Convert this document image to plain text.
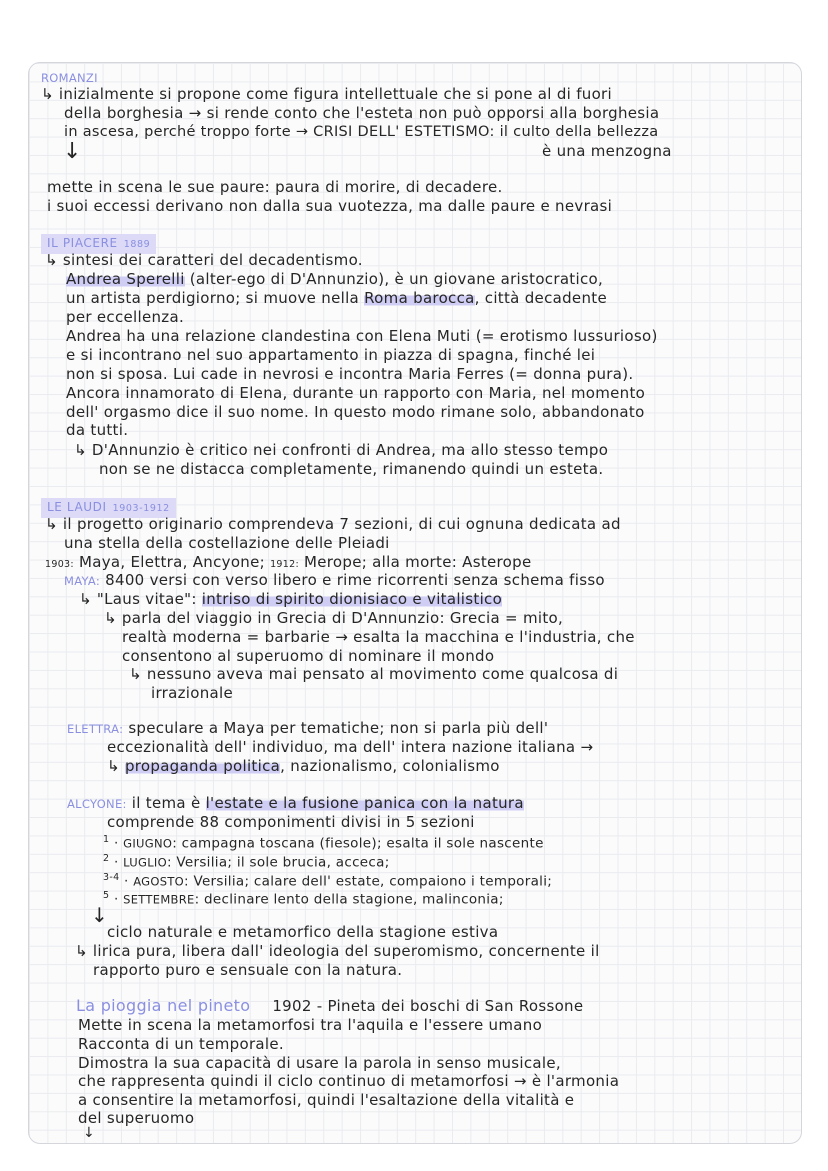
ROMANZI
↳ inizialmente si propone come figura intellettuale che si pone al di fuori
della borghesia → si rende conto che l'esteta non può opporsi alla borghesia
in ascesa, perché troppo forte → CRISI DELL' ESTETISMO: il culto della bellezza
è una menzogna
↓
mette in scena le sue paure: paura di morire, di decadere.
i suoi eccessi derivano non dalla sua vuotezza, ma dalle paure e nevrasi
IL PIACERE 1889
↳ sintesi dei caratteri del decadentismo.
Andrea Sperelli (alter-ego di D'Annunzio), è un giovane aristocratico,
un artista perdigiorno; si muove nella Roma barocca, città decadente
per eccellenza.
Andrea ha una relazione clandestina con Elena Muti (= erotismo lussurioso)
e si incontrano nel suo appartamento in piazza di spagna, finché lei
non si sposa. Lui cade in nevrosi e incontra Maria Ferres (= donna pura).
Ancora innamorato di Elena, durante un rapporto con Maria, nel momento
dell' orgasmo dice il suo nome. In questo modo rimane solo, abbandonato
da tutti.
↳ D'Annunzio è critico nei confronti di Andrea, ma allo stesso tempo
non se ne distacca completamente, rimanendo quindi un esteta.
LE LAUDI 1903-1912
↳ il progetto originario comprendeva 7 sezioni, di cui ognuna dedicata ad
una stella della costellazione delle Pleiadi
1903: Maya, Elettra, Ancyone; 1912: Merope; alla morte: Asterope
MAYA: 8400 versi con verso libero e rime ricorrenti senza schema fisso
↳ "Laus vitae": intriso di spirito dionisiaco e vitalistico
↳ parla del viaggio in Grecia di D'Annunzio: Grecia = mito,
realtà moderna = barbarie → esalta la macchina e l'industria, che
consentono al superuomo di nominare il mondo
↳ nessuno aveva mai pensato al movimento come qualcosa di
irrazionale
ELETTRA: speculare a Maya per tematiche; non si parla più dell'
eccezionalità dell' individuo, ma dell' intera nazione italiana →
↳ propaganda politica, nazionalismo, colonialismo
ALCYONE: il tema è l'estate e la fusione panica con la natura
comprende 88 componimenti divisi in 5 sezioni
$^1$ · GIUGNO: campagna toscana (fiesole); esalta il sole nascente
$^2$ · LUGLIO: Versilia; il sole brucia, acceca;
$^{3-4}$ · AGOSTO: Versilia; calare dell' estate, compaiono i temporali;
$^5$ · SETTEMBRE: declinare lento della stagione, malinconia;
↓
ciclo naturale e metamorfico della stagione estiva
↳ lirica pura, libera dall' ideologia del superomismo, concernente il
rapporto puro e sensuale con la natura.
La pioggia nel pineto 1902 - Pineta dei boschi di San Rossone
Mette in scena la metamorfosi tra l'aquila e l'essere umano
Racconta di un temporale.
Dimostra la sua capacità di usare la parola in senso musicale,
che rappresenta quindi il ciclo continuo di metamorfosi → è l'armonia
a consentire la metamorfosi, quindi l'esaltazione della vitalità e
del superuomo
↓
